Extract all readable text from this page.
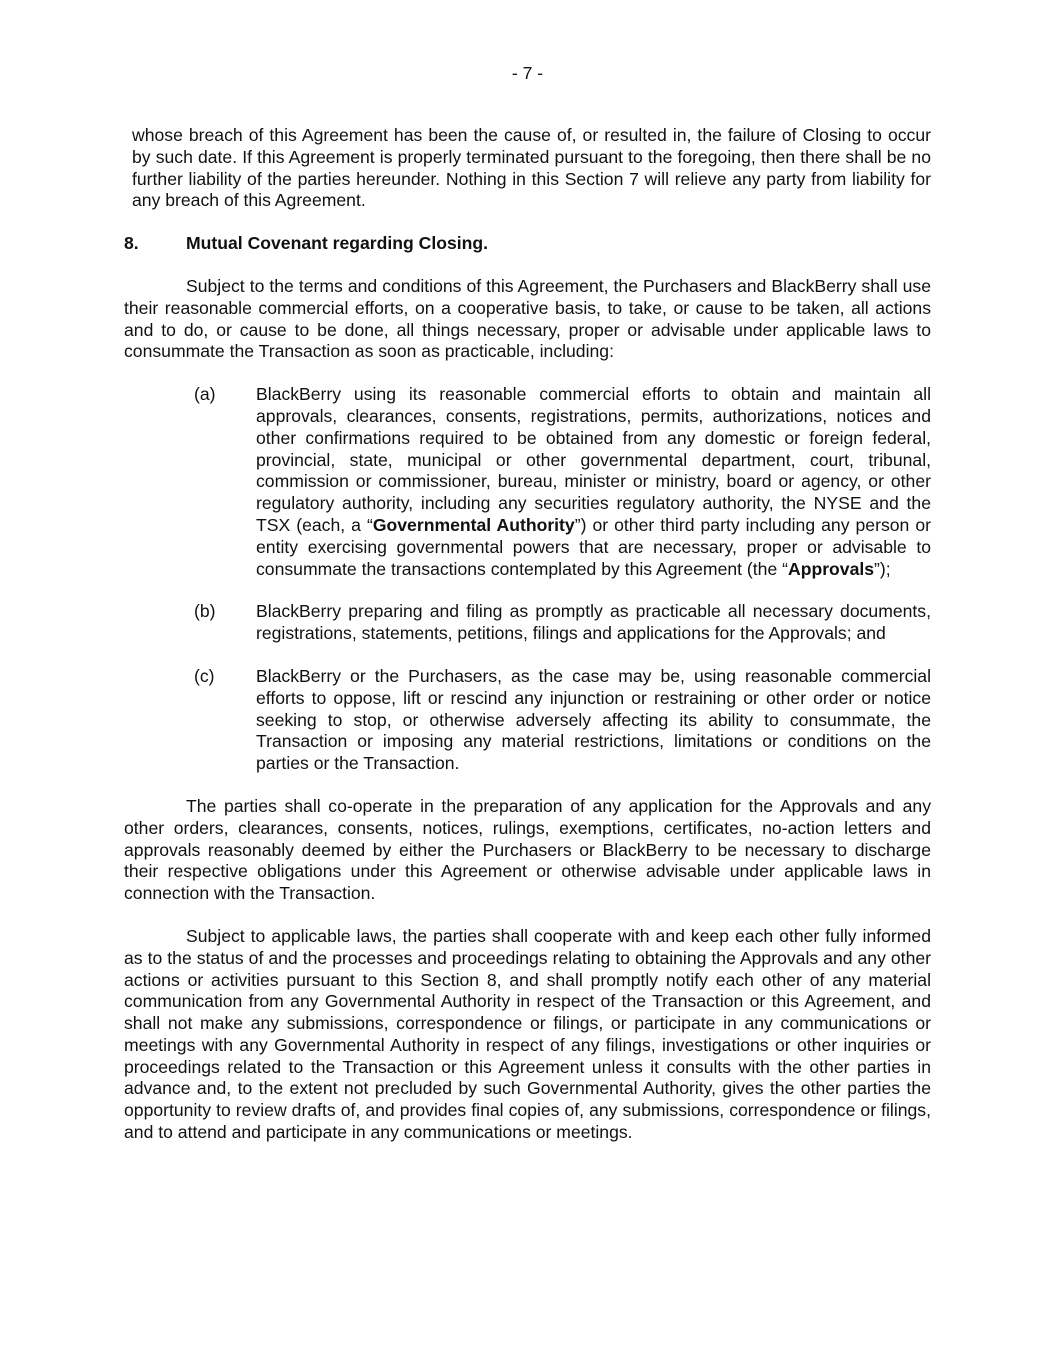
- 7 -

whose breach of this Agreement has been the cause of, or resulted in, the failure of Closing to occur by such date. If this Agreement is properly terminated pursuant to the foregoing, then there shall be no further liability of the parties hereunder. Nothing in this Section 7 will relieve any party from liability for any breach of this Agreement.

8.	Mutual Covenant regarding Closing.

Subject to the terms and conditions of this Agreement, the Purchasers and BlackBerry shall use their reasonable commercial efforts, on a cooperative basis, to take, or cause to be taken, all actions and to do, or cause to be done, all things necessary, proper or advisable under applicable laws to consummate the Transaction as soon as practicable, including:

(a)	BlackBerry using its reasonable commercial efforts to obtain and maintain all approvals, clearances, consents, registrations, permits, authorizations, notices and other confirmations required to be obtained from any domestic or foreign federal, provincial, state, municipal or other governmental department, court, tribunal, commission or commissioner, bureau, minister or ministry, board or agency, or other regulatory authority, including any securities regulatory authority, the NYSE and the TSX (each, a “Governmental Authority”) or other third party including any person or entity exercising governmental powers that are necessary, proper or advisable to consummate the transactions contemplated by this Agreement (the “Approvals”);
(b)	BlackBerry preparing and filing as promptly as practicable all necessary documents, registrations, statements, petitions, filings and applications for the Approvals; and
(c)	BlackBerry or the Purchasers, as the case may be, using reasonable commercial efforts to oppose, lift or rescind any injunction or restraining or other order or notice seeking to stop, or otherwise adversely affecting its ability to consummate, the Transaction or imposing any material restrictions, limitations or conditions on the parties or the Transaction.

The parties shall co-operate in the preparation of any application for the Approvals and any other orders, clearances, consents, notices, rulings, exemptions, certificates, no-action letters and approvals reasonably deemed by either the Purchasers or BlackBerry to be necessary to discharge their respective obligations under this Agreement or otherwise advisable under applicable laws in connection with the Transaction.

Subject to applicable laws, the parties shall cooperate with and keep each other fully informed as to the status of and the processes and proceedings relating to obtaining the Approvals and any other actions or activities pursuant to this Section 8, and shall promptly notify each other of any material communication from any Governmental Authority in respect of the Transaction or this Agreement, and shall not make any submissions, correspondence or filings, or participate in any communications or meetings with any Governmental Authority in respect of any filings, investigations or other inquiries or proceedings related to the Transaction or this Agreement unless it consults with the other parties in advance and, to the extent not precluded by such Governmental Authority, gives the other parties the opportunity to review drafts of, and provides final copies of, any submissions, correspondence or filings, and to attend and participate in any communications or meetings.
